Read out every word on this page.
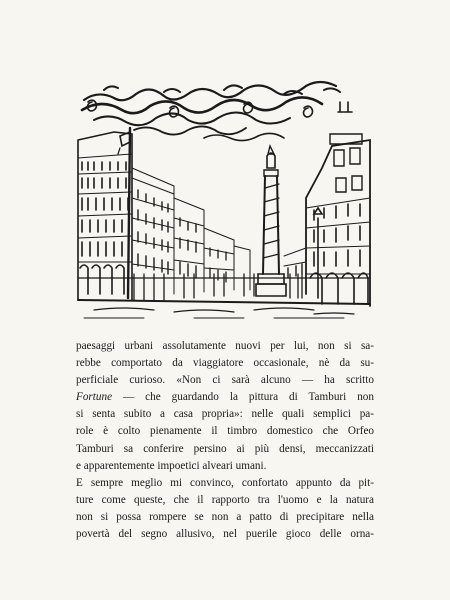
paesaggi urbani assolutamente nuovi per lui, non si sa-
rebbe comportato da viaggiatore occasionale, nè da su-
perficiale curioso. «Non ci sarà alcuno — ha scritto
Fortune — che guardando la pittura di Tamburi non
si senta subito a casa propria»: nelle quali semplici pa-
role è colto pienamente il timbro domestico che Orfeo
Tamburi sa conferire persino ai più densi, meccanizzati
e apparentemente impoetici alveari umani.
E sempre meglio mi convinco, confortato appunto da pit-
ture come queste, che il rapporto tra l'uomo e la natura
non si possa rompere se non a patto di precipitare nella
povertà del segno allusivo, nel puerile gioco delle orna-
